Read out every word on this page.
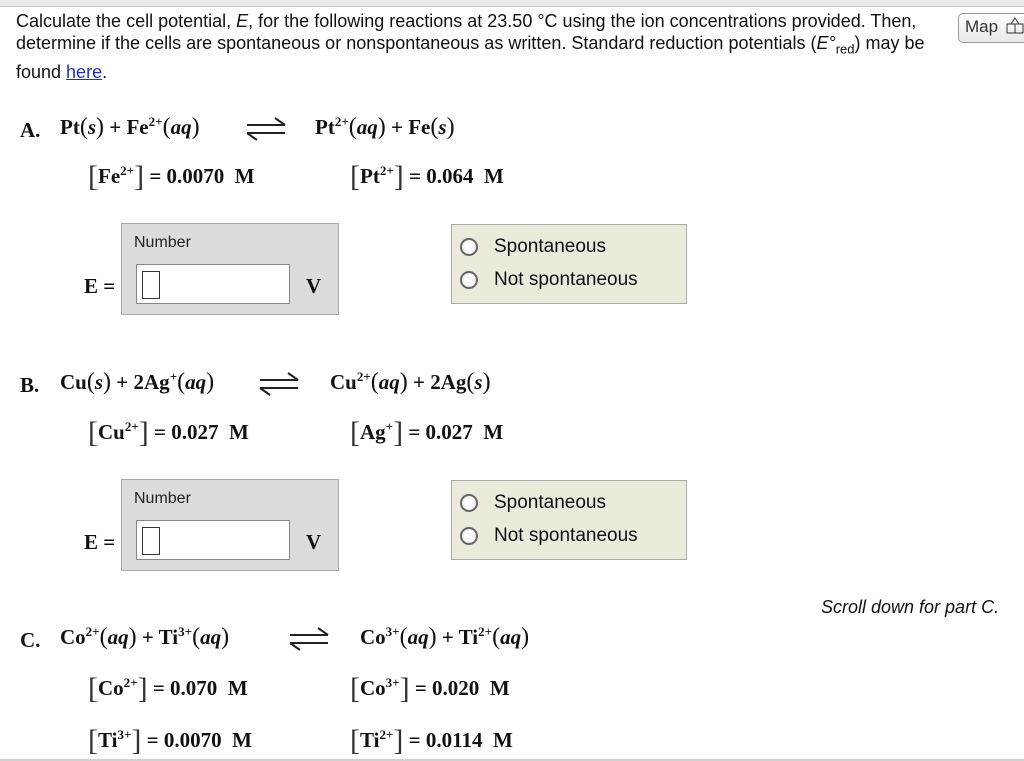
Calculate the cell potential, E, for the following reactions at 23.50 °C using the ion concentrations provided. Then, determine if the cells are spontaneous or nonspontaneous as written. Standard reduction potentials $(E^\circ_{red})$ may be found here.
Map
A. $Pt(s) + Fe^{2+}(aq)$	$Pt^{2+}(aq) + Fe(s)$
$[Fe^{2+}] = 0.0070$ M	$[Pt^{2+}] = 0.064$ M
E =
Number
V
Spontaneous
Not spontaneous
B. Cu(s) + 2Ag+(aq)	$Cu^{2+}(aq) + 2Ag(s)$
$[Cu^{2+}] = 0.027$ M	[Ag+] = 0.027 M
E =
Number
V
Spontaneous
Not spontaneous
Scroll down for part C.
C. $Co^{2+}(aq) + Ti^{3+}(aq)$	$Co^{3+}(aq) + Ti^{2+}(aq)$
$[Co^{2+}] = 0.070$ M	$[Co^{3+}] = 0.020$ M
$[Ti^{3+}] = 0.0070$ M	$[Ti^{2+}] = 0.0114$ M
